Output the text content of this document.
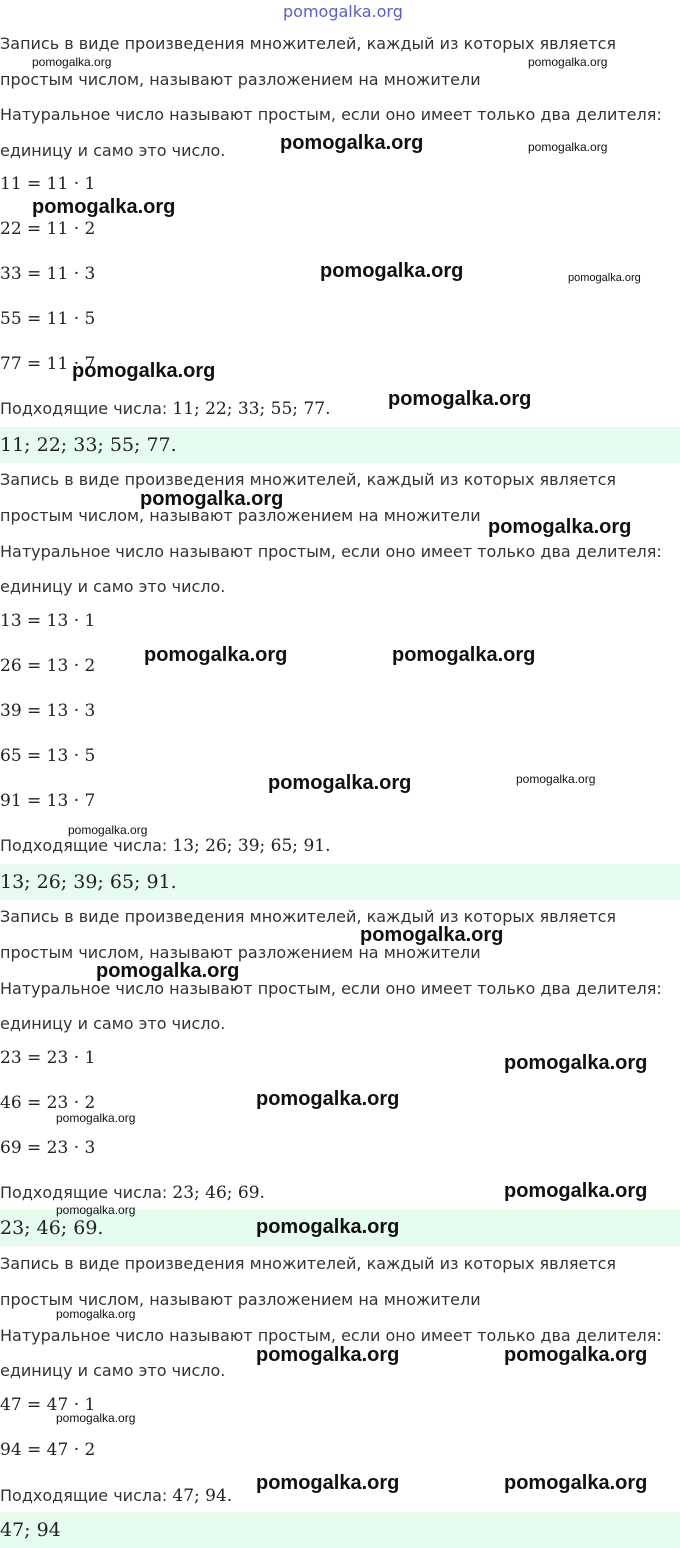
pomogalka.org
Запись в виде произведения множителей, каждый из которых является
простым числом, называют разложением на множители
Натуральное число называют простым, если оно имеет только два делителя:
единицу и само это число.
11 = 11 · 1
22 = 11 · 2
33 = 11 · 3
55 = 11 · 5
77 = 11 · 7
Подходящие числа: 11; 22; 33; 55; 77.
11; 22; 33; 55; 77.
Запись в виде произведения множителей, каждый из которых является
простым числом, называют разложением на множители
Натуральное число называют простым, если оно имеет только два делителя:
единицу и само это число.
13 = 13 · 1
26 = 13 · 2
39 = 13 · 3
65 = 13 · 5
91 = 13 · 7
Подходящие числа: 13; 26; 39; 65; 91.
13; 26; 39; 65; 91.
Запись в виде произведения множителей, каждый из которых является
простым числом, называют разложением на множители
Натуральное число называют простым, если оно имеет только два делителя:
единицу и само это число.
23 = 23 · 1
46 = 23 · 2
69 = 23 · 3
Подходящие числа: 23; 46; 69.
23; 46; 69.
Запись в виде произведения множителей, каждый из которых является
простым числом, называют разложением на множители
Натуральное число называют простым, если оно имеет только два делителя:
единицу и само это число.
47 = 47 · 1
94 = 47 · 2
Подходящие числа: 47; 94.
47; 94
pomogalka.org	pomogalka.org
pomogalka.org	pomogalka.org
pomogalka.org
pomogalka.org	pomogalka.org
pomogalka.org
pomogalka.org
pomogalka.org
pomogalka.org
pomogalka.org	pomogalka.org
pomogalka.org	pomogalka.org
pomogalka.org
pomogalka.org
pomogalka.org
pomogalka.org
pomogalka.org
pomogalka.org
pomogalka.org
pomogalka.org
pomogalka.org
pomogalka.org
pomogalka.org	pomogalka.org
pomogalka.org
pomogalka.org	pomogalka.org
